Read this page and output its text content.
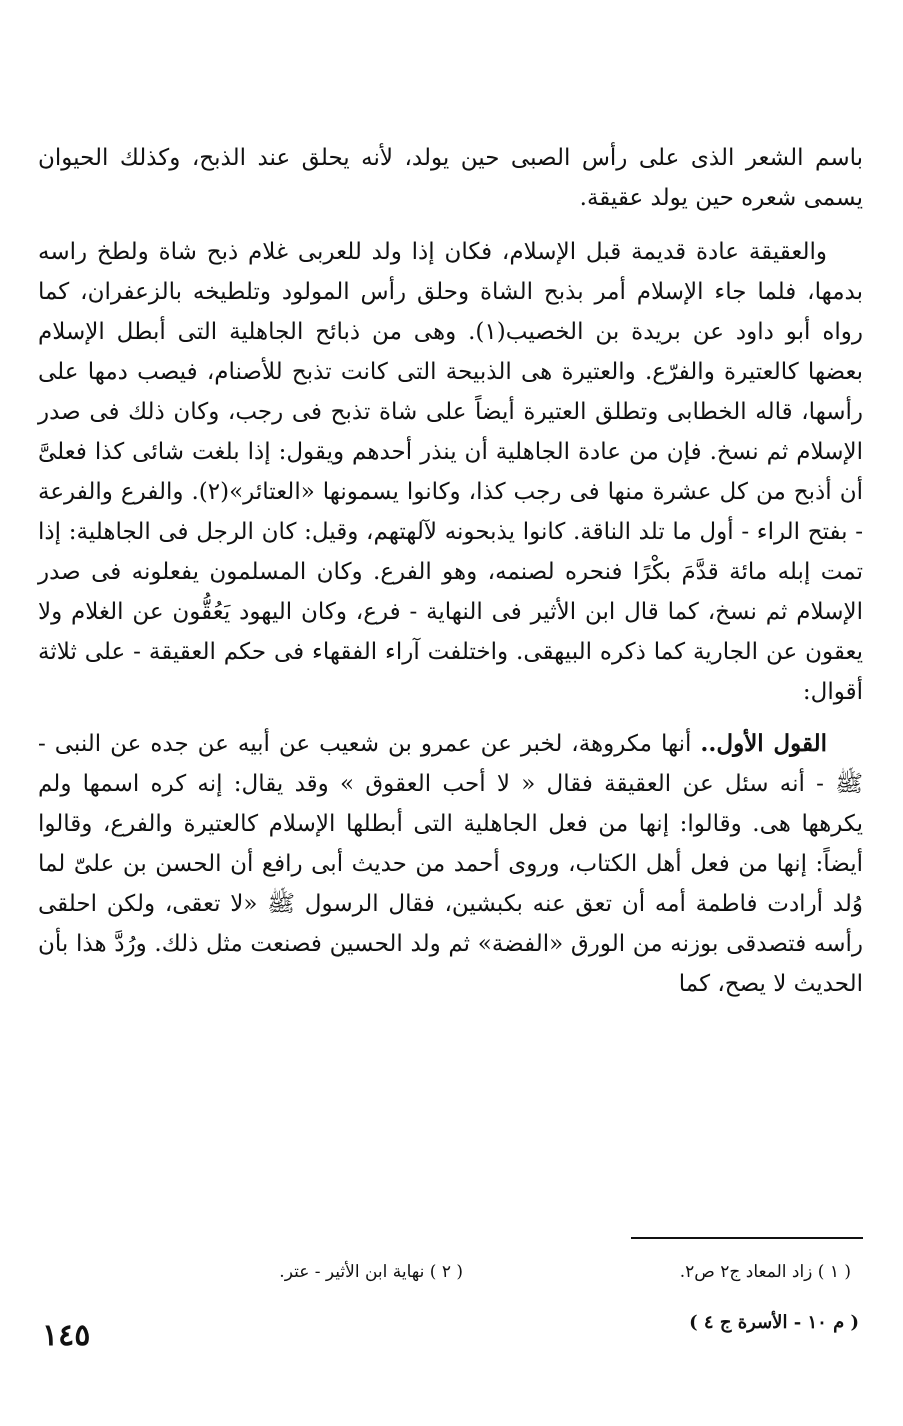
باسم الشعر الذى على رأس الصبى حين يولد، لأنه يحلق عند الذبح، وكذلك الحيوان يسمى شعره حين يولد عقيقة.

والعقيقة عادة قديمة قبل الإسلام، فكان إذا ولد للعربى غلام ذبح شاة ولطخ راسه بدمها، فلما جاء الإسلام أمر بذبح الشاة وحلق رأس المولود وتلطيخه بالزعفران، كما رواه أبو داود عن بريدة بن الخصيب(١). وهى من ذبائح الجاهلية التى أبطل الإسلام بعضها كالعتيرة والفرّع. والعتيرة هى الذبيحة التى كانت تذبح للأصنام، فيصب دمها على رأسها، قاله الخطابى وتطلق العتيرة أيضاً على شاة تذبح فى رجب، وكان ذلك فى صدر الإسلام ثم نسخ. فإن من عادة الجاهلية أن ينذر أحدهم ويقول: إذا بلغت شائى كذا فعلىَّ أن أذبح من كل عشرة منها فى رجب كذا، وكانوا يسمونها «العتائر»(٢). والفرع والفرعة - بفتح الراء - أول ما تلد الناقة. كانوا يذبحونه لآلهتهم، وقيل: كان الرجل فى الجاهلية: إذا تمت إبله مائة قدَّمَ بكْرًا فنحره لصنمه، وهو الفرع. وكان المسلمون يفعلونه فى صدر الإسلام ثم نسخ، كما قال ابن الأثير فى النهاية - فرع، وكان اليهود يَعُقُّون عن الغلام ولا يعقون عن الجارية كما ذكره البيهقى. واختلفت آراء الفقهاء فى حكم العقيقة - على ثلاثة أقوال:

القول الأول.. أنها مكروهة، لخبر عن عمرو بن شعيب عن أبيه عن جده عن النبى - ﷺ - أنه سئل عن العقيقة فقال « لا أحب العقوق » وقد يقال: إنه كره اسمها ولم يكرهها هى. وقالوا: إنها من فعل الجاهلية التى أبطلها الإسلام كالعتيرة والفرع، وقالوا أيضاً: إنها من فعل أهل الكتاب، وروى أحمد من حديث أبى رافع أن الحسن بن علىّ لما وُلد أرادت فاطمة أمه أن تعق عنه بكبشين، فقال الرسول ﷺ «لا تعقى، ولكن احلقى رأسه فتصدقى بوزنه من الورق «الفضة» ثم ولد الحسين فصنعت مثل ذلك. ورُدَّ هذا بأن الحديث لا يصح، كما

( ١ ) زاد المعاد ج٢ ص٢.
( ٢ ) نهاية ابن الأثير - عتر.
( م ١٠ - الأسرة ج ٤ )
١٤٥
